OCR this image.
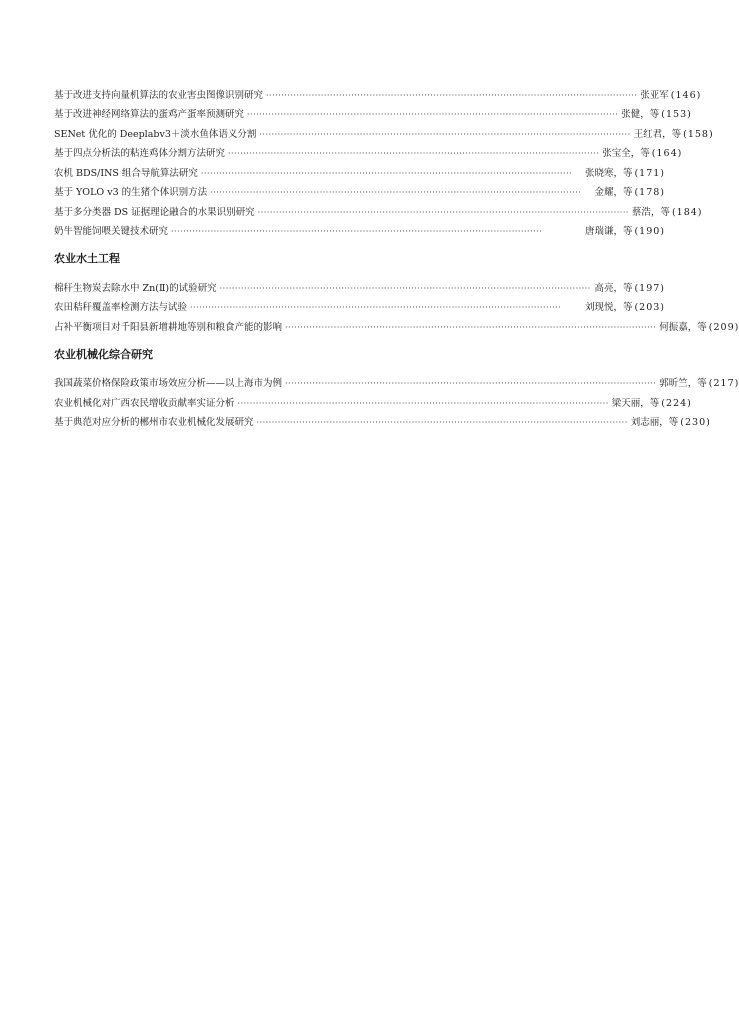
基于改进支持向量机算法的农业害虫图像识别研究 ·························································································································· 张亚军 (146)
基于改进神经网络算法的蛋鸡产蛋率预测研究 ·························································································································· 张健，等 (153)
SENet 优化的 Deeplabv3＋淡水鱼体语义分割 ·························································································································· 王红君，等 (158)
基于四点分析法的粘连鸡体分割方法研究 ·························································································································· 张宝全，等 (164)
农机 BDS/INS 组合导航算法研究 ··························································································································	张晓寒，等 (171)
基于 YOLO v3 的生猪个体识别方法 ··························································································································	金耀，等 (178)
基于多分类器 DS 证据理论融合的水果识别研究 ·························································································································· 蔡浩，等 (184)
奶牛智能饲喂关键技术研究 ··························································································································	唐瑞谦，等 (190)
农业水土工程
棉秆生物炭去除水中 Zn(Ⅱ)的试验研究 ·························································································································· 高亮，等 (197)
农田秸秆覆盖率检测方法与试验 ··························································································································	刘现悦，等 (203)
占补平衡项目对千阳县新增耕地等别和粮食产能的影响 ·························································································································· 何振嘉，等 (209)
农业机械化综合研究
我国蔬菜价格保险政策市场效应分析——以上海市为例 ·························································································································· 郭昕竺，等 (217)
农业机械化对广西农民增收贡献率实证分析 ·························································································································· 梁天丽，等 (224)
基于典范对应分析的郴州市农业机械化发展研究 ·························································································································· 刘志丽，等 (230)
